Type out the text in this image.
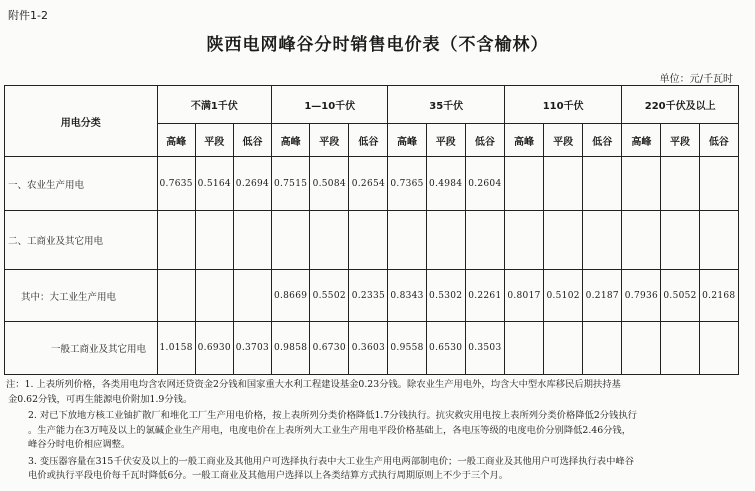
附件1-2
陕西电网峰谷分时销售电价表（不含榆林）
单位：元/千瓦时
用电分类	不满1千伏			1—10千伏			35千伏			110千伏			220千伏及以上		
	高峰	平段	低谷	高峰	平段	低谷	高峰	平段	低谷	高峰	平段	低谷	高峰	平段	低谷
一、农业生产用电	0.7635	0.5164	0.2694	0.7515	0.5084	0.2654	0.7365	0.4984	0.2604						
二、工商业及其它用电															
其中：大工业生产用电				0.8669	0.5502	0.2335	0.8343	0.5302	0.2261	0.8017	0.5102	0.2187	0.7936	0.5052	0.2168
一般工商业及其它用电	1.0158	0.6930	0.3703	0.9858	0.6730	0.3603	0.9558	0.6530	0.3503						

注：1. 上表所列价格，各类用电均含农网还贷资金2分钱和国家重大水利工程建设基金0.23分钱。除农业生产用电外，均含大中型水库移民后期扶持基
金0.62分钱，可再生能源电价附加1.9分钱。

2. 对已下放地方核工业铀扩散厂和堆化工厂生产用电价格，按上表所列分类价格降低1.7分钱执行。抗灾救灾用电按上表所列分类价格降低2分钱执行
。生产能力在3万吨及以上的氯碱企业生产用电，电度电价在上表所列大工业生产用电平段价格基础上，各电压等级的电度电价分别降低2.46分钱，
峰谷分时电价相应调整。

3. 变压器容量在315千伏安及以上的一般工商业及其他用户可选择执行表中大工业生产用电两部制电价；一般工商业及其他用户可选择执行表中峰谷
电价或执行平段电价每千瓦时降低6分。一般工商业及其他用户选择以上各类结算方式执行周期原则上不少于三个月。
